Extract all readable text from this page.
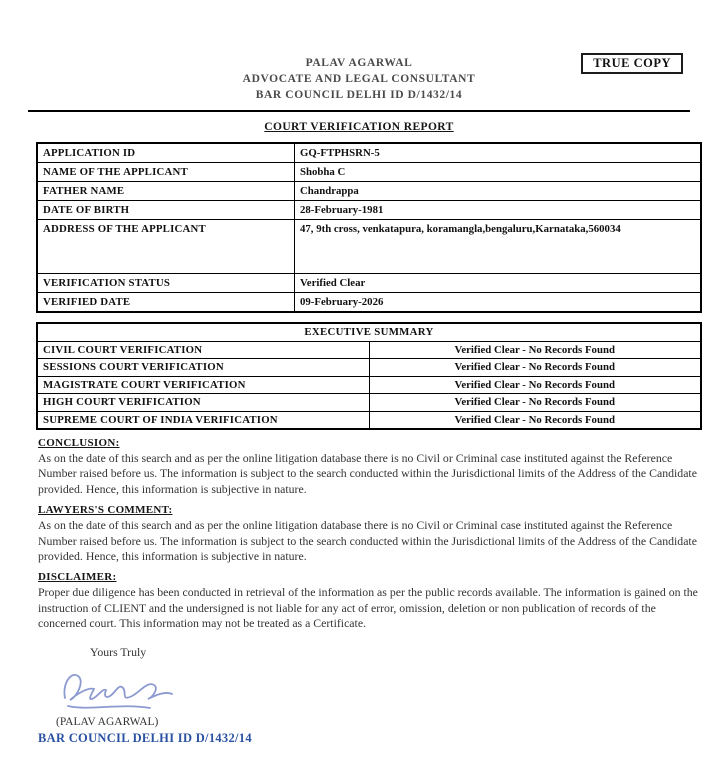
TRUE COPY
PALAV AGARWAL
ADVOCATE AND LEGAL CONSULTANT
BAR COUNCIL DELHI ID D/1432/14
COURT VERIFICATION REPORT
APPLICATION ID	GQ-FTPHSRN-5
NAME OF THE APPLICANT	Shobha C
FATHER NAME	Chandrappa
DATE OF BIRTH	28-February-1981
ADDRESS OF THE APPLICANT	47, 9th cross, venkatapura, koramangla,bengaluru,Karnataka,560034
VERIFICATION STATUS	Verified Clear
VERIFIED DATE	09-February-2026
EXECUTIVE SUMMARY	
CIVIL COURT VERIFICATION	Verified Clear - No Records Found
SESSIONS COURT VERIFICATION	Verified Clear - No Records Found
MAGISTRATE COURT VERIFICATION	Verified Clear - No Records Found
HIGH COURT VERIFICATION	Verified Clear - No Records Found
SUPREME COURT OF INDIA VERIFICATION	Verified Clear - No Records Found
CONCLUSION:
As on the date of this search and as per the online litigation database there is no Civil or Criminal case instituted against the Reference Number raised before us. The information is subject to the search conducted within the Jurisdictional limits of the Address of the Candidate provided. Hence, this information is subjective in nature.
LAWYERS'S COMMENT:
As on the date of this search and as per the online litigation database there is no Civil or Criminal case instituted against the Reference Number raised before us. The information is subject to the search conducted within the Jurisdictional limits of the Address of the Candidate provided. Hence, this information is subjective in nature.
DISCLAIMER:
Proper due diligence has been conducted in retrieval of the information as per the public records available. The information is gained on the instruction of CLIENT and the undersigned is not liable for any act of error, omission, deletion or non publication of records of the concerned court. This information may not be treated as a Certificate.
Yours Truly
(PALAV AGARWAL)
BAR COUNCIL DELHI ID D/1432/14
